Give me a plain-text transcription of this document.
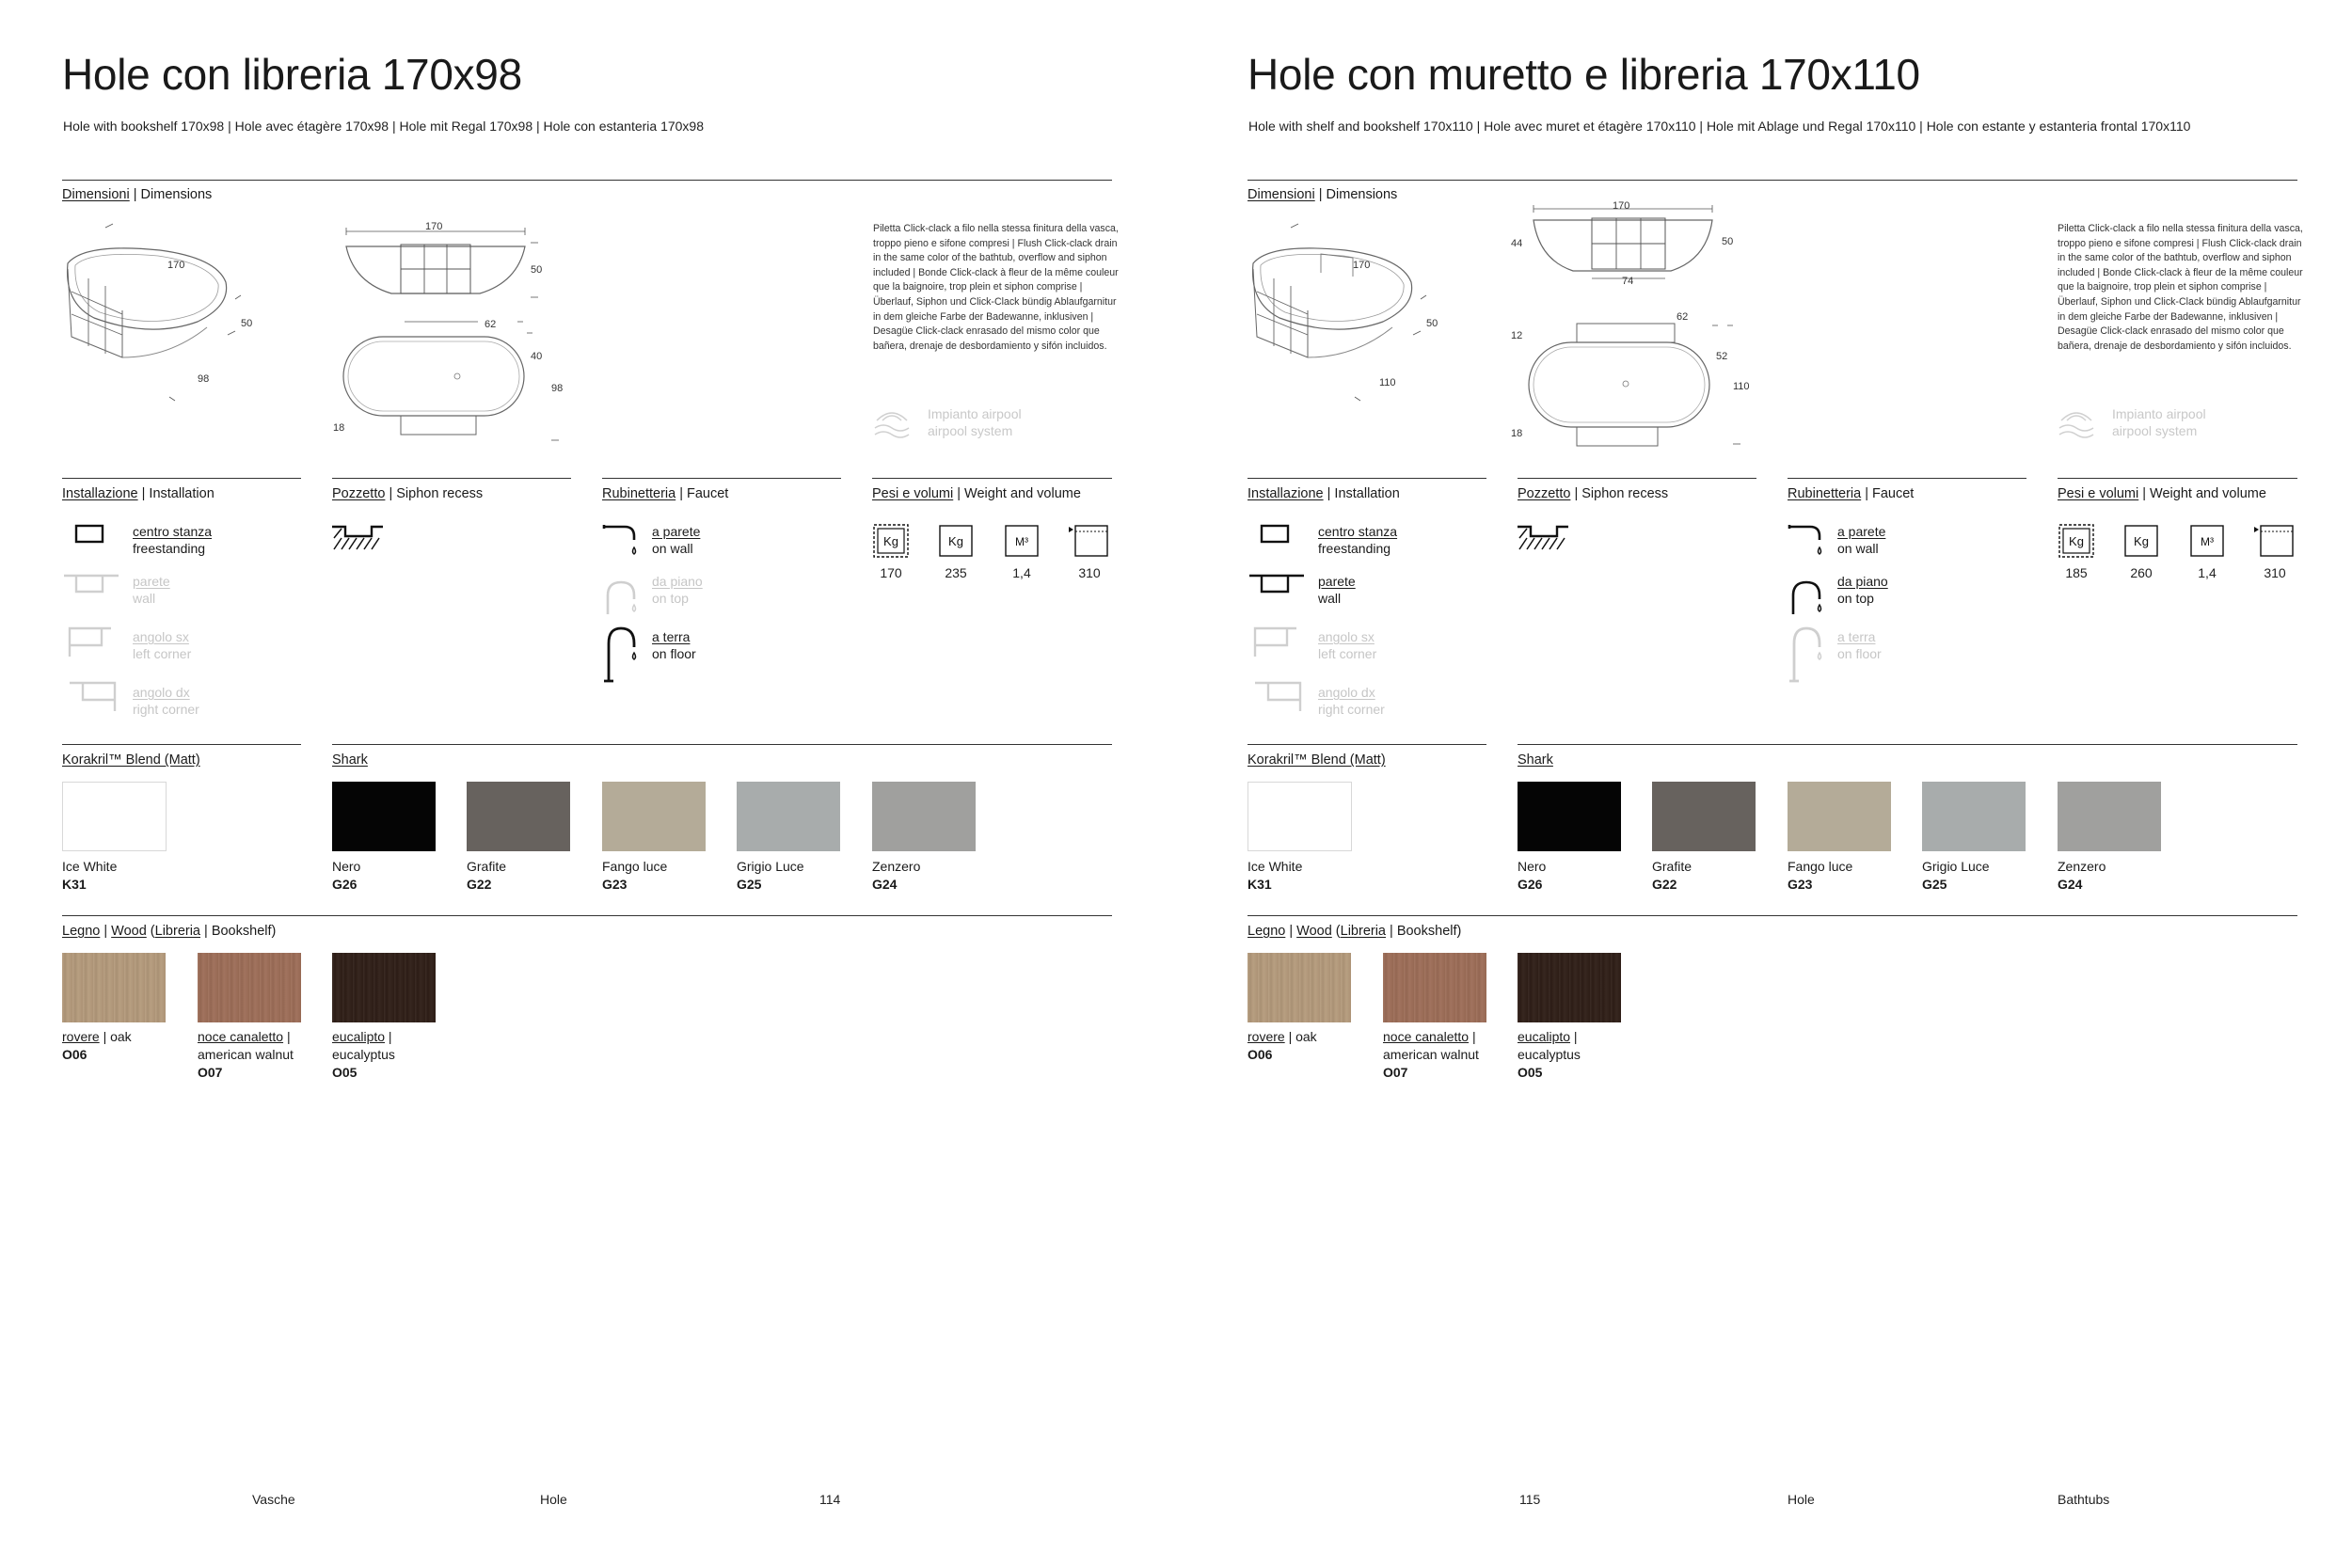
Hole con libreria 170x98
Hole with bookshelf 170x98 | Hole avec étagère 170x98 | Hole mit Regal 170x98 | Hole con estanteria 170x98
Dimensioni | Dimensions
170
50
98
170
50
62
40
98
18
Piletta Click-clack a filo nella stessa finitura della vasca, troppo pieno e sifone compresi | Flush Click-clack drain in the same color of the bathtub, overflow and siphon included | Bonde Click-clack à fleur de la même couleur que la baignoire, trop plein et siphon comprise | Überlauf, Siphon und Click-Clack bündig Ablaufgarnitur in dem gleiche Farbe der Badewanne, inklusiven | Desagüe Click-clack enrasado del mismo color que bañera, drenaje de desbordamiento y sifón incluidos.
Impianto airpool
airpool system
Installazione | Installation	Pozzetto | Siphon recess	Rubinetteria | Faucet	Pesi e volumi | Weight and volume
centro stanza
freestanding
parete
wall
angolo sx
left corner
angolo dx
right corner
a parete
on wall
da piano
on top
a terra
on floor
Kg
170
Kg
235
M³
1,4	310
Korakril™ Blend (Matt)	Shark
Ice White
K31
Nero
G26
Grafite
G22
Fango luce
G23
Grigio Luce
G25
Zenzero
G24
Legno | Wood (Libreria | Bookshelf)
rovere | oak
O06
noce canaletto |
american walnut
O07
eucalipto |
eucalyptus
O05
Vasche	Hole	114
Hole con muretto e libreria 170x110
Hole with shelf and bookshelf 170x110 | Hole avec muret et étagère 170x110 | Hole mit Ablage und Regal 170x110 | Hole con estante y estanteria frontal 170x110
Dimensioni | Dimensions
170
50
110
170
44	50
74
62
12
52
110
18
Piletta Click-clack a filo nella stessa finitura della vasca, troppo pieno e sifone compresi | Flush Click-clack drain in the same color of the bathtub, overflow and siphon included | Bonde Click-clack à fleur de la même couleur que la baignoire, trop plein et siphon comprise | Überlauf, Siphon und Click-Clack bündig Ablaufgarnitur in dem gleiche Farbe der Badewanne, inklusiven | Desagüe Click-clack enrasado del mismo color que bañera, drenaje de desbordamiento y sifón incluidos.
Impianto airpool
airpool system
Installazione | Installation	Pozzetto | Siphon recess	Rubinetteria | Faucet	Pesi e volumi | Weight and volume
centro stanza
freestanding
parete
wall
angolo sx
left corner
angolo dx
right corner
a parete
on wall
da piano
on top
a terra
on floor
Kg
185
Kg
260
M³
1,4	310
Korakril™ Blend (Matt)	Shark
Ice White
K31
Nero
G26
Grafite
G22
Fango luce
G23
Grigio Luce
G25
Zenzero
G24
Legno | Wood (Libreria | Bookshelf)
rovere | oak
O06
noce canaletto |
american walnut
O07
eucalipto |
eucalyptus
O05
115	Hole	Bathtubs
